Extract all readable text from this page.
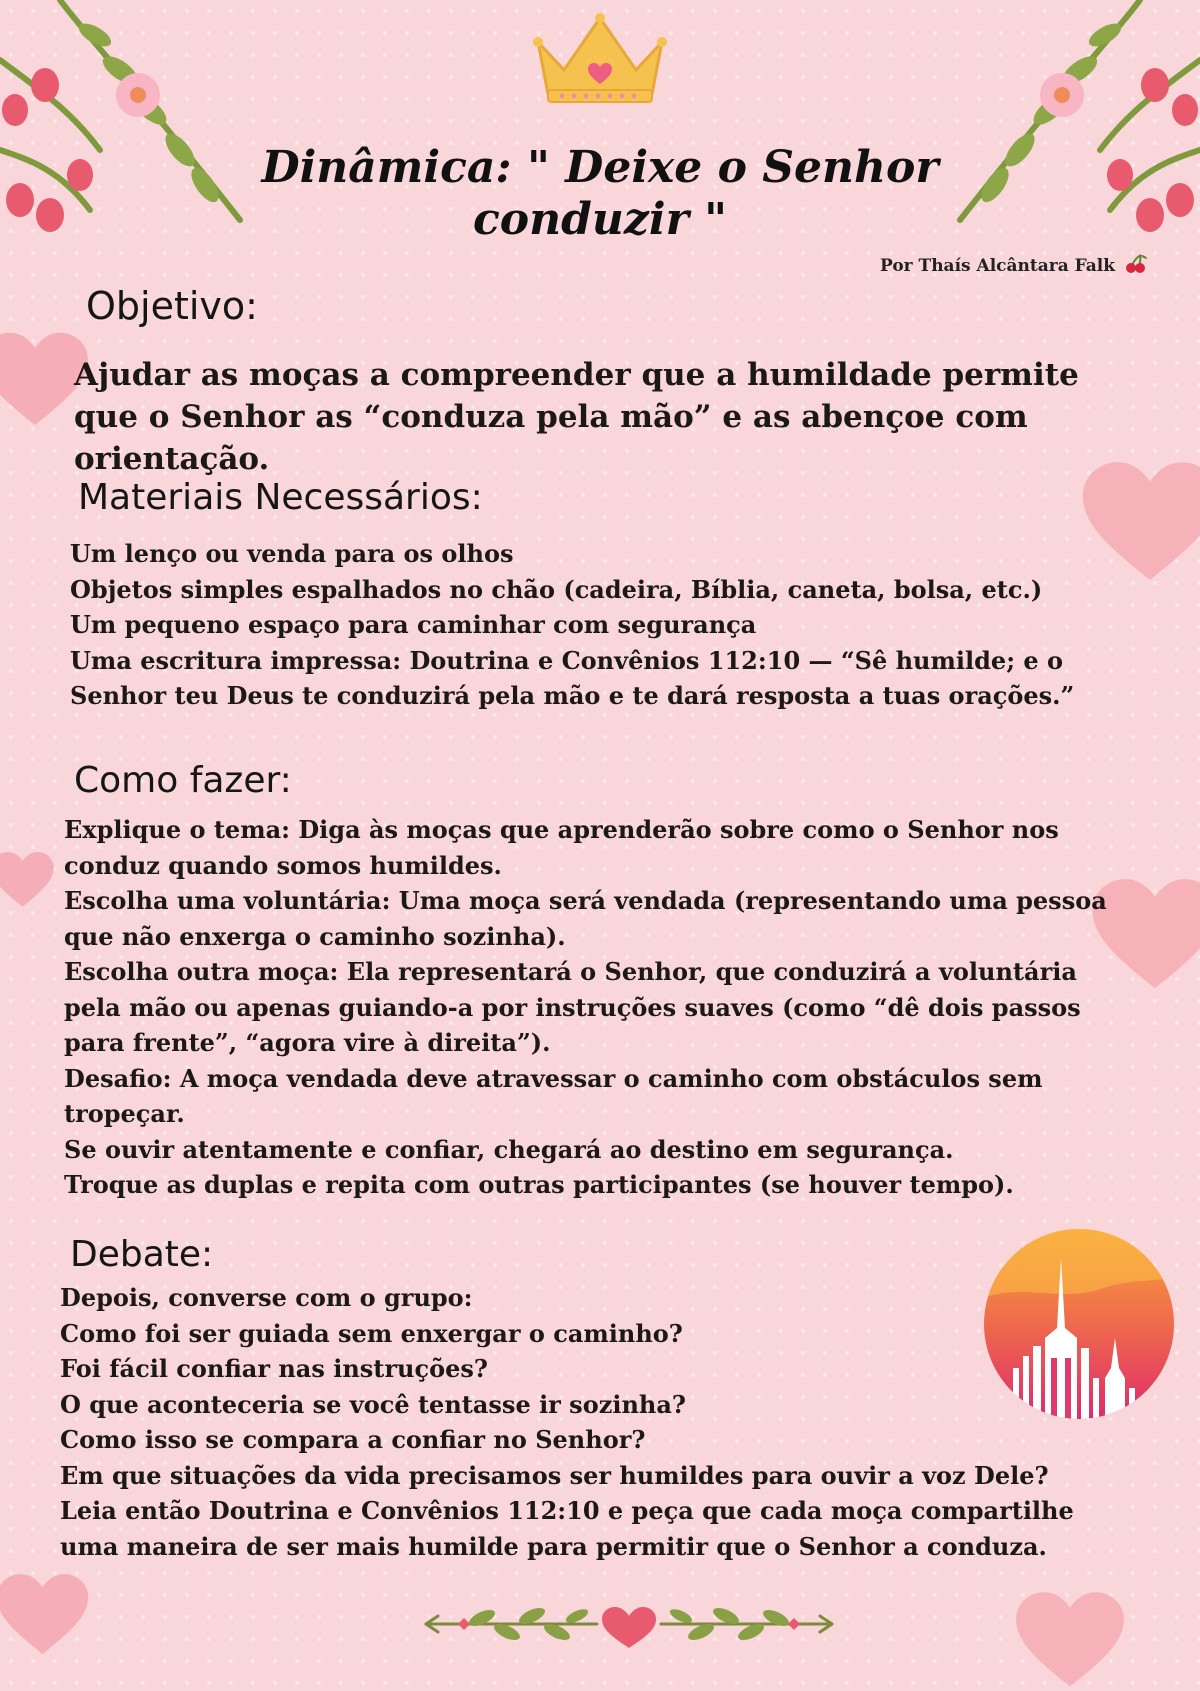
Dinâmica: " Deixe o Senhor
conduzir "
Por Thaís Alcântara Falk
Objetivo:
Ajudar as moças a compreender que a humildade permite que o Senhor as “conduza pela mão” e as abençoe com orientação.
Materiais Necessários:
Um lenço ou venda para os olhos
Objetos simples espalhados no chão (cadeira, Bíblia, caneta, bolsa, etc.)
Um pequeno espaço para caminhar com segurança
Uma escritura impressa: Doutrina e Convênios 112:10 — “Sê humilde; e o Senhor teu Deus te conduzirá pela mão e te dará resposta a tuas orações.”
Como fazer:
Explique o tema: Diga às moças que aprenderão sobre como o Senhor nos conduz quando somos humildes.
Escolha uma voluntária: Uma moça será vendada (representando uma pessoa que não enxerga o caminho sozinha).
Escolha outra moça: Ela representará o Senhor, que conduzirá a voluntária pela mão ou apenas guiando-a por instruções suaves (como “dê dois passos para frente”, “agora vire à direita”).
Desafio: A moça vendada deve atravessar o caminho com obstáculos sem tropeçar.
Se ouvir atentamente e confiar, chegará ao destino em segurança.
Troque as duplas e repita com outras participantes (se houver tempo).
Debate:
Depois, converse com o grupo:
Como foi ser guiada sem enxergar o caminho?
Foi fácil confiar nas instruções?
O que aconteceria se você tentasse ir sozinha?
Como isso se compara a confiar no Senhor?
Em que situações da vida precisamos ser humildes para ouvir a voz Dele?
Leia então Doutrina e Convênios 112:10 e peça que cada moça compartilhe uma maneira de ser mais humilde para permitir que o Senhor a conduza.
